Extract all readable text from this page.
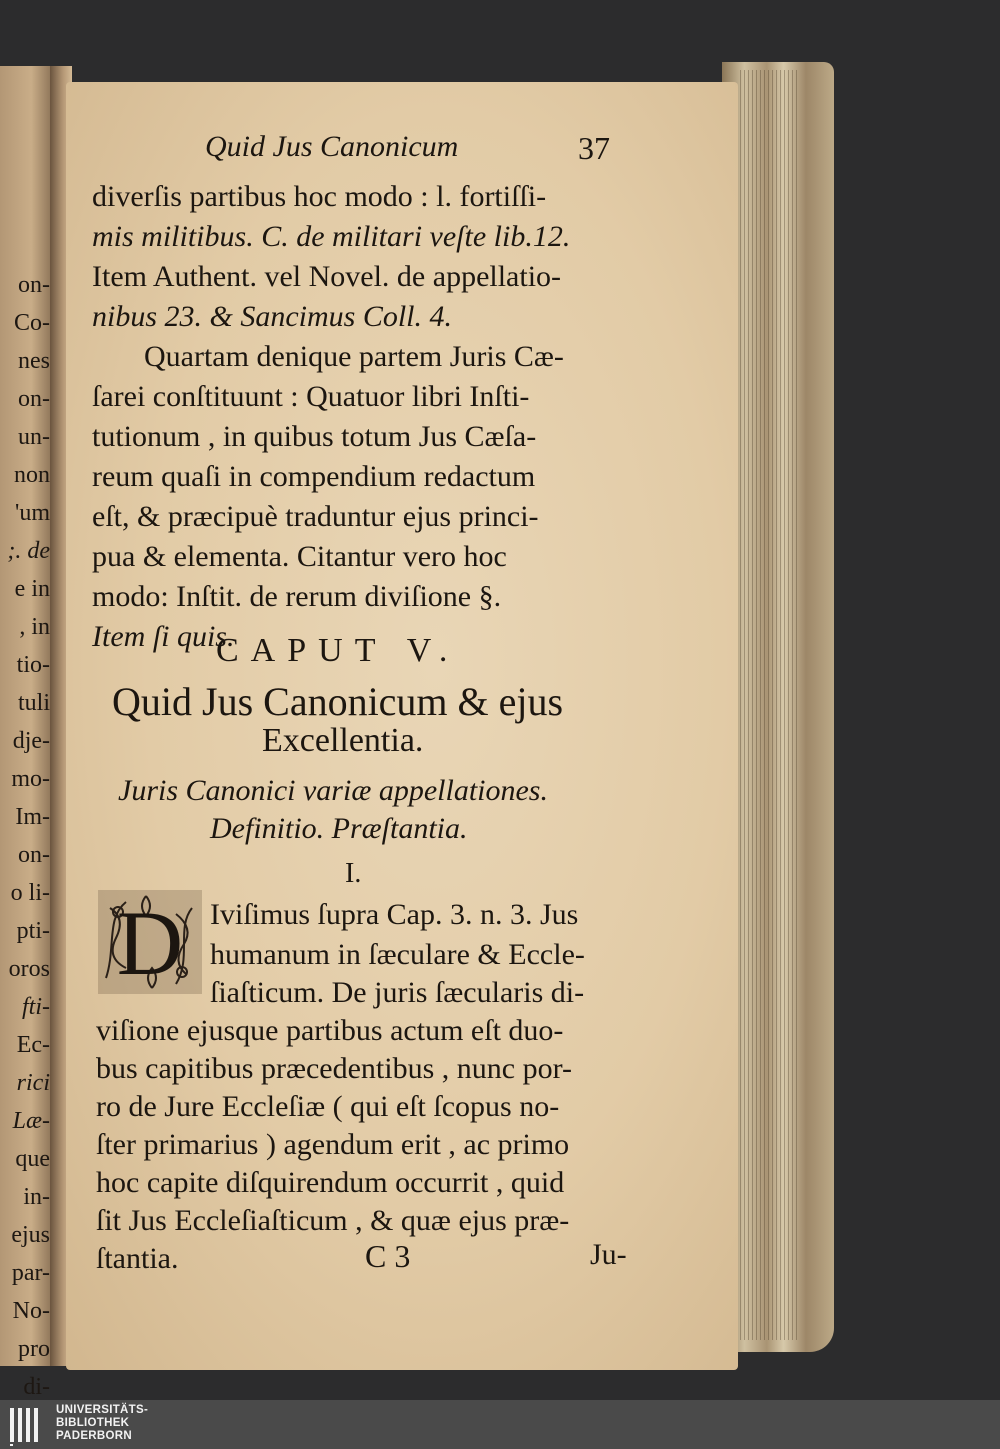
on-
Co-
nes
on-
un-
non
'um
;. de
e in
, in
tio-
tuli
dje-
mo-
Im-
on-
o li-
pti-
oros
fti-
Ec-
rici
Læ-
que
in-
ejus
par-
No-
pro
di-
Quid Jus Canonicum	37
diverſis partibus hoc modo : l. fortiſſi-
mis militibus. C. de militari veſte lib.12.
Item Authent. vel Novel. de appellatio-
nibus 23. & Sancimus Coll. 4.
Quartam denique partem Juris Cæ-
ſarei conſtituunt : Quatuor libri Inſti-
tutionum , in quibus totum Jus Cæſa-
reum quaſi in compendium redactum
eſt, & præcipuè traduntur ejus princi-
pua & elementa. Citantur vero hoc
modo: Inſtit. de rerum diviſione §.
Item ſi quis.
CAPUT V.
Quid Jus Canonicum & ejus
Excellentia.
Juris Canonici variæ appellationes.
Definitio. Præſtantia.
I.
D Iviſimus ſupra Cap. 3. n. 3. Jus
humanum in ſæculare & Eccle-
ſiaſticum. De juris ſæcularis di-
viſione ejusque partibus actum eſt duo-
bus capitibus præcedentibus , nunc por-
ro de Jure Eccleſiæ ( qui eſt ſcopus no-
ſter primarius ) agendum erit , ac primo
hoc capite diſquirendum occurrit , quid
ſit Jus Eccleſiaſticum , & quæ ejus præ-
ſtantia.	C 3	Ju-
UNIVERSITÄTS-
BIBLIOTHEK
PADERBORN
